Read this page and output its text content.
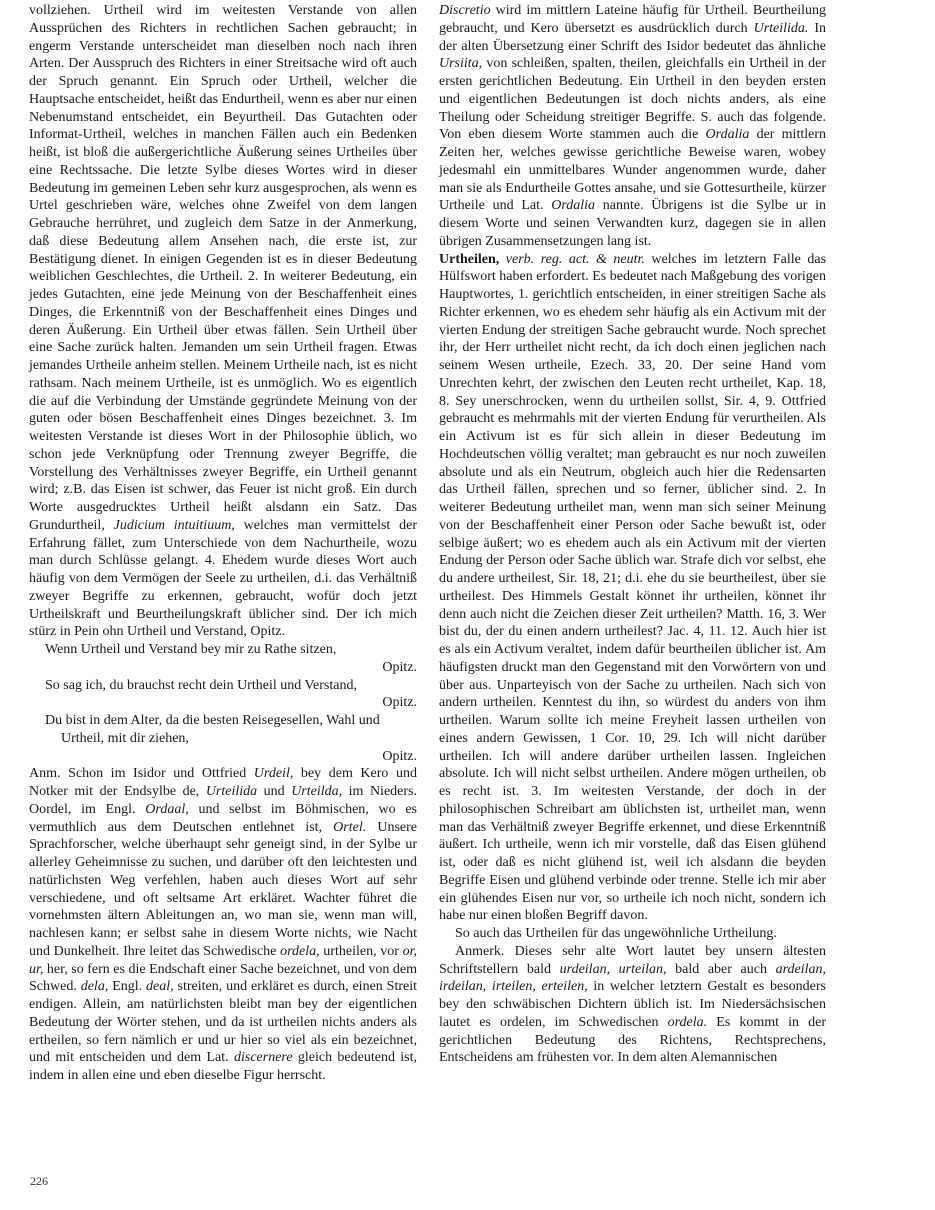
vollziehen. Urtheil wird im weitesten Verstande von allen Aussprüchen des Richters in rechtlichen Sachen gebraucht; in engerm Verstande unterscheidet man dieselben noch nach ihren Arten. Der Ausspruch des Richters in einer Streitsache wird oft auch der Spruch genannt. Ein Spruch oder Urtheil, welcher die Hauptsache entscheidet, heißt das Endurtheil, wenn es aber nur einen Nebenumstand entscheidet, ein Beyurtheil. Das Gutachten oder Informat-Urtheil, welches in manchen Fällen auch ein Bedenken heißt, ist bloß die außergerichtliche Äußerung seines Urtheiles über eine Rechtssache. Die letzte Sylbe dieses Wortes wird in dieser Bedeutung im gemeinen Leben sehr kurz ausgesprochen, als wenn es Urtel geschrieben wäre, welches ohne Zweifel von dem langen Gebrauche herrühret, und zugleich dem Satze in der Anmerkung, daß diese Bedeutung allem Ansehen nach, die erste ist, zur Bestätigung dienet. In einigen Gegenden ist es in dieser Bedeutung weiblichen Geschlechtes, die Urtheil. 2. In weiterer Bedeutung, ein jedes Gutachten, eine jede Meinung von der Beschaffenheit eines Dinges, die Erkenntniß von der Beschaffenheit eines Dinges und deren Äußerung. Ein Urtheil über etwas fällen. Sein Urtheil über eine Sache zurück halten. Jemanden um sein Urtheil fragen. Etwas jemandes Urtheile anheim stellen. Meinem Urtheile nach, ist es nicht rathsam. Nach meinem Urtheile, ist es unmöglich. Wo es eigentlich die auf die Verbindung der Umstände gegründete Meinung von der guten oder bösen Beschaffenheit eines Dinges bezeichnet. 3. Im weitesten Verstande ist dieses Wort in der Philosophie üblich, wo schon jede Verknüpfung oder Trennung zweyer Begriffe, die Vorstellung des Verhältnisses zweyer Begriffe, ein Urtheil genannt wird; z.B. das Eisen ist schwer, das Feuer ist nicht groß. Ein durch Worte ausgedrucktes Urtheil heißt alsdann ein Satz. Das Grundurtheil, Judicium intuitiuum, welches man vermittelst der Erfahrung fället, zum Unterschiede von dem Nachurtheile, wozu man durch Schlüsse gelangt. 4. Ehedem wurde dieses Wort auch häufig von dem Vermögen der Seele zu urtheilen, d.i. das Verhältniß zweyer Begriffe zu erkennen, gebraucht, wofür doch jetzt Urtheilskraft und Beurtheilungskraft üblicher sind. Der ich mich stürz in Pein ohn Urtheil und Verstand, Opitz.

Wenn Urtheil und Verstand bey mir zu Rathe sitzen,

Opitz.

So sag ich, du brauchst recht dein Urtheil und Verstand,

Opitz.

Du bist in dem Alter, da die besten Reisegesellen, Wahl und
Urtheil, mit dir ziehen,

Opitz.

Anm. Schon im Isidor und Ottfried Urdeil, bey dem Kero und Notker mit der Endsylbe de, Urteilida und Urteilda, im Nieders. Oordel, im Engl. Ordaal, und selbst im Böhmischen, wo es vermuthlich aus dem Deutschen entlehnet ist, Ortel. Unsere Sprachforscher, welche überhaupt sehr geneigt sind, in der Sylbe ur allerley Geheimnisse zu suchen, und darüber oft den leichtesten und natürlichsten Weg verfehlen, haben auch dieses Wort auf sehr verschiedene, und oft seltsame Art erkläret. Wachter führet die vornehmsten ältern Ableitungen an, wo man sie, wenn man will, nachlesen kann; er selbst sahe in diesem Worte nichts, wie Nacht und Dunkelheit. Ihre leitet das Schwedische ordela, urtheilen, vor or, ur, her, so fern es die Endschaft einer Sache bezeichnet, und von dem Schwed. dela, Engl. deal, streiten, und erkläret es durch, einen Streit endigen. Allein, am natürlichsten bleibt man bey der eigentlichen Bedeutung der Wörter stehen, und da ist urtheilen nichts anders als ertheilen, so fern nämlich er und ur hier so viel als ein bezeichnet, und mit entscheiden und dem Lat. discernere gleich bedeutend ist, indem in allen eine und eben dieselbe Figur herrscht.

Discretio wird im mittlern Lateine häufig für Urtheil. Beurtheilung gebraucht, und Kero übersetzt es ausdrücklich durch Urteilida. In der alten Übersetzung einer Schrift des Isidor bedeutet das ähnliche Ursiita, von schleißen, spalten, theilen, gleichfalls ein Urtheil in der ersten gerichtlichen Bedeutung. Ein Urtheil in den beyden ersten und eigentlichen Bedeutungen ist doch nichts anders, als eine Theilung oder Scheidung streitiger Begriffe. S. auch das folgende. Von eben diesem Worte stammen auch die Ordalia der mittlern Zeiten her, welches gewisse gerichtliche Beweise waren, wobey jedesmahl ein unmittelbares Wunder angenommen wurde, daher man sie als Endurtheile Gottes ansahe, und sie Gottesurtheile, kürzer Urtheile und Lat. Ordalia nannte. Übrigens ist die Sylbe ur in diesem Worte und seinen Verwandten kurz, dagegen sie in allen übrigen Zusammensetzungen lang ist.

Urtheilen, verb. reg. act. & neutr. welches im letztern Falle das Hülfswort haben erfordert. Es bedeutet nach Maßgebung des vorigen Hauptwortes, 1. gerichtlich entscheiden, in einer streitigen Sache als Richter erkennen, wo es ehedem sehr häufig als ein Activum mit der vierten Endung der streitigen Sache gebraucht wurde. Noch sprechet ihr, der Herr urtheilet nicht recht, da ich doch einen jeglichen nach seinem Wesen urtheile, Ezech. 33, 20. Der seine Hand vom Unrechten kehrt, der zwischen den Leuten recht urtheilet, Kap. 18, 8. Sey unerschrocken, wenn du urtheilen sollst, Sir. 4, 9. Ottfried gebraucht es mehrmahls mit der vierten Endung für verurtheilen. Als ein Activum ist es für sich allein in dieser Bedeutung im Hochdeutschen völlig veraltet; man gebraucht es nur noch zuweilen absolute und als ein Neutrum, obgleich auch hier die Redensarten das Urtheil fällen, sprechen und so ferner, üblicher sind. 2. In weiterer Bedeutung urtheilet man, wenn man sich seiner Meinung von der Beschaffenheit einer Person oder Sache bewußt ist, oder selbige äußert; wo es ehedem auch als ein Activum mit der vierten Endung der Person oder Sache üblich war. Strafe dich vor selbst, ehe du andere urtheilest, Sir. 18, 21; d.i. ehe du sie beurtheilest, über sie urtheilest. Des Himmels Gestalt könnet ihr urtheilen, könnet ihr denn auch nicht die Zeichen dieser Zeit urtheilen? Matth. 16, 3. Wer bist du, der du einen andern urtheilest? Jac. 4, 11. 12. Auch hier ist es als ein Activum veraltet, indem dafür beurtheilen üblicher ist. Am häufigsten druckt man den Gegenstand mit den Vorwörtern von und über aus. Unparteyisch von der Sache zu urtheilen. Nach sich von andern urtheilen. Kenntest du ihn, so würdest du anders von ihm urtheilen. Warum sollte ich meine Freyheit lassen urtheilen von eines andern Gewissen, 1 Cor. 10, 29. Ich will nicht darüber urtheilen. Ich will andere darüber urtheilen lassen. Ingleichen absolute. Ich will nicht selbst urtheilen. Andere mögen urtheilen, ob es recht ist. 3. Im weitesten Verstande, der doch in der philosophischen Schreibart am üblichsten ist, urtheilet man, wenn man das Verhältniß zweyer Begriffe erkennet, und diese Erkenntniß äußert. Ich urtheile, wenn ich mir vorstelle, daß das Eisen glühend ist, oder daß es nicht glühend ist, weil ich alsdann die beyden Begriffe Eisen und glühend verbinde oder trenne. Stelle ich mir aber ein glühendes Eisen nur vor, so urtheile ich noch nicht, sondern ich habe nur einen bloßen Begriff davon.

So auch das Urtheilen für das ungewöhnliche Urtheilung.

Anmerk. Dieses sehr alte Wort lautet bey unsern ältesten Schriftstellern bald urdeilan, urteilan, bald aber auch ardeilan, irdeilan, irteilen, erteilen, in welcher letztern Gestalt es besonders bey den schwäbischen Dichtern üblich ist. Im Niedersächsischen lautet es ordelen, im Schwedischen ordela. Es kommt in der gerichtlichen Bedeutung des Richtens, Rechtsprechens, Entscheidens am frühesten vor. In dem alten Alemannischen

226
